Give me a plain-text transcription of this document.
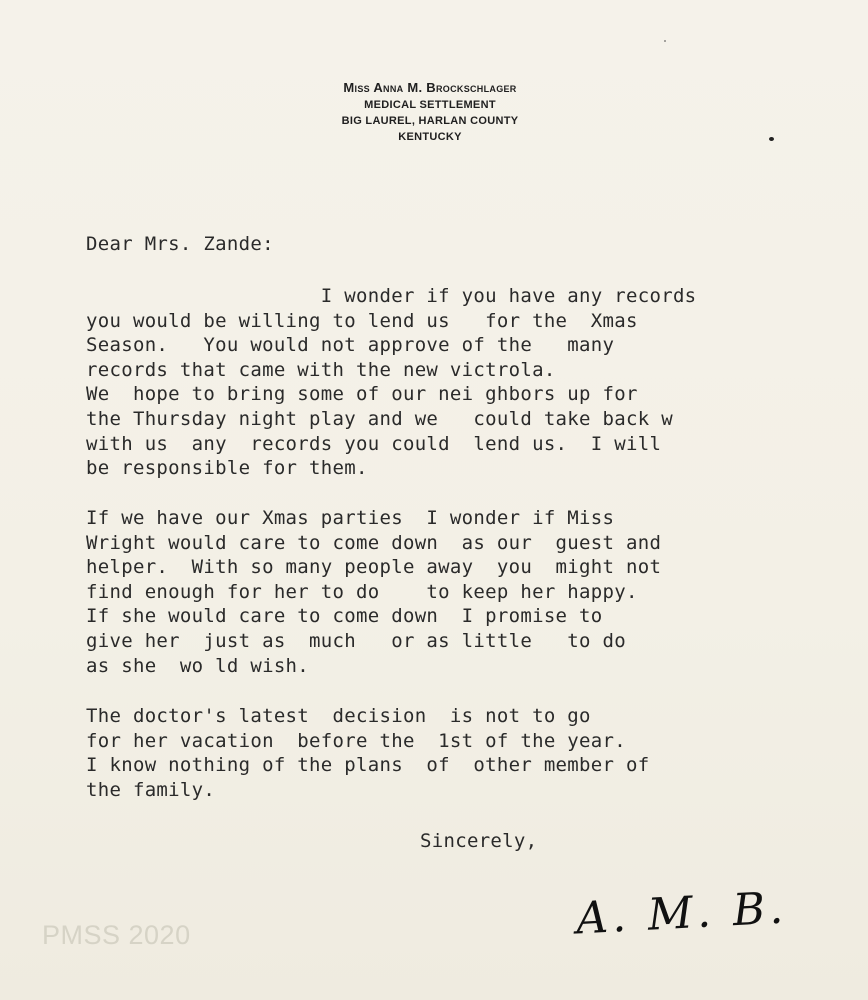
Miss Anna M. Brockschlager
MEDICAL SETTLEMENT
BIG LAUREL, HARLAN COUNTY
KENTUCKY
Dear Mrs. Zande:
I wonder if you have any records
you would be willing to lend us   for the  Xmas
Season.   You would not approve of the   many
records that came with the new victrola.
We  hope to bring some of our nei ghbors up for
the Thursday night play and we   could take back w
with us  any  records you could  lend us.  I will
be responsible for them.
If we have our Xmas parties  I wonder if Miss
Wright would care to come down  as our  guest and
helper.  With so many people away  you  might not
find enough for her to do    to keep her happy.
If she would care to come down  I promise to
give her  just as  much   or as little   to do
as she  wo ld wish.
The doctor's latest  decision  is not to go
for her vacation  before the  1st of the year.
I know nothing of the plans  of  other member of
the family.
Sincerely,
A. M. B.
PMSS 2020
